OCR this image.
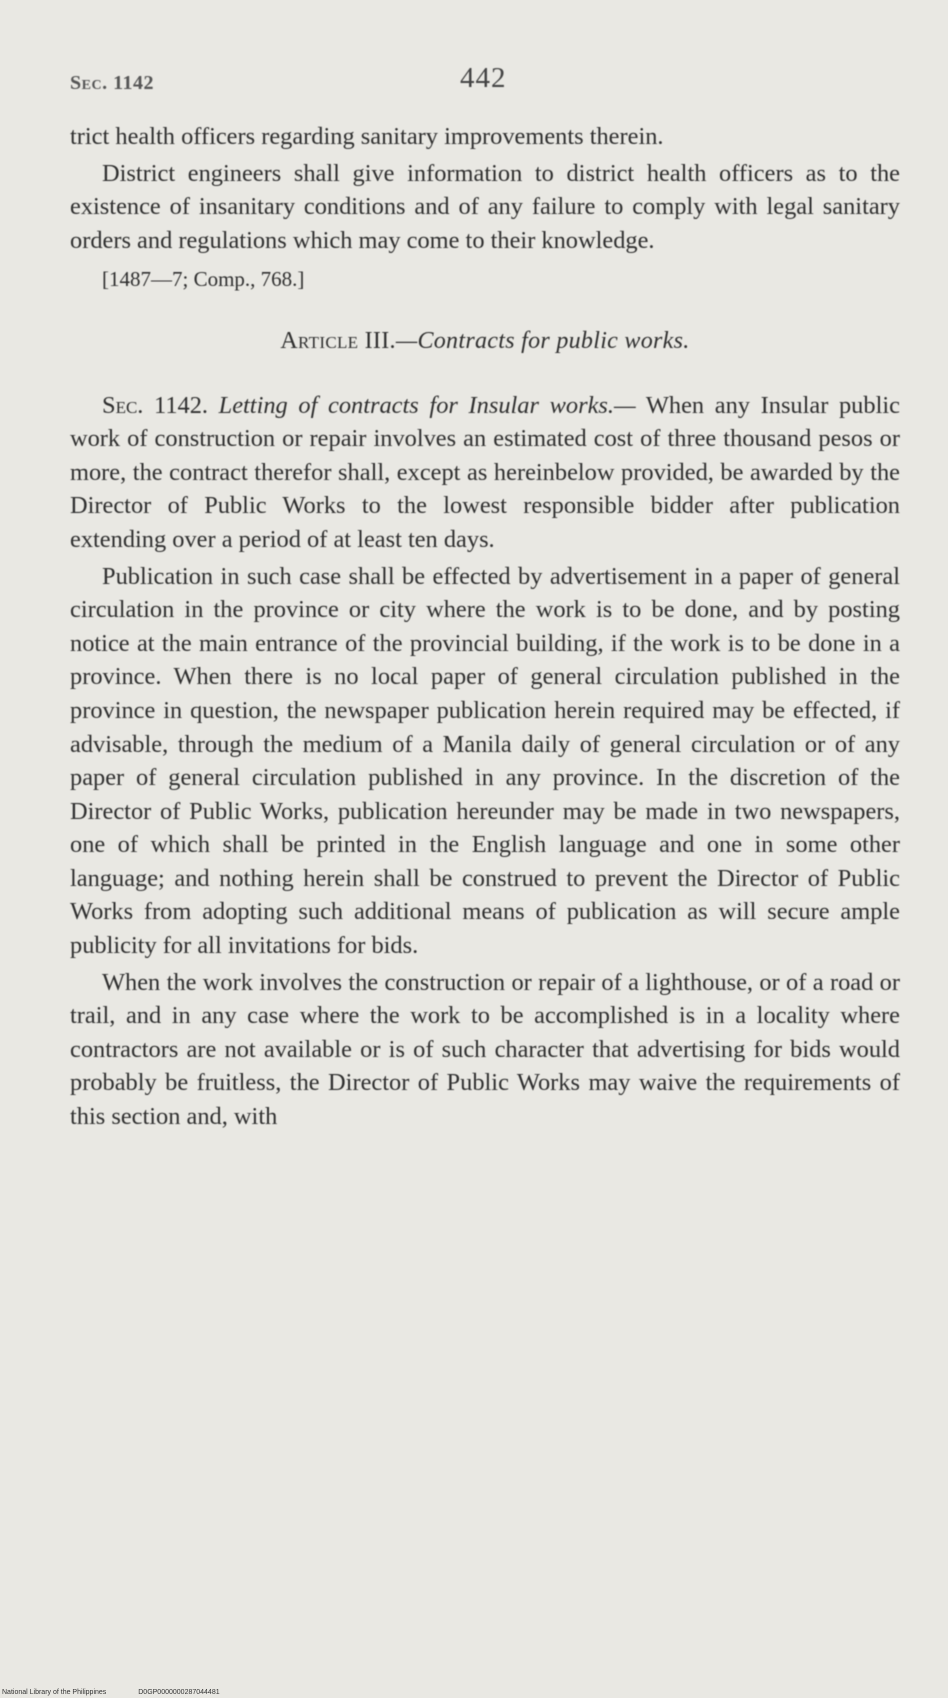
Sec. 1142	442

trict health officers regarding sanitary improvements therein.

District engineers shall give information to district health officers as to the existence of insanitary conditions and of any failure to comply with legal sanitary orders and regulations which may come to their knowledge.

[1487—7; Comp., 768.]

Article III.—Contracts for public works.

Sec. 1142. Letting of contracts for Insular works.— When any Insular public work of construction or repair involves an estimated cost of three thousand pesos or more, the contract therefor shall, except as hereinbelow provided, be awarded by the Director of Public Works to the lowest responsible bidder after publication extending over a period of at least ten days.

Publication in such case shall be effected by advertisement in a paper of general circulation in the province or city where the work is to be done, and by posting notice at the main entrance of the provincial building, if the work is to be done in a province. When there is no local paper of general circulation published in the province in question, the newspaper publication herein required may be effected, if advisable, through the medium of a Manila daily of general circulation or of any paper of general circulation published in any province. In the discretion of the Director of Public Works, publication hereunder may be made in two newspapers, one of which shall be printed in the English language and one in some other language; and nothing herein shall be construed to prevent the Director of Public Works from adopting such additional means of publication as will secure ample publicity for all invitations for bids.

When the work involves the construction or repair of a lighthouse, or of a road or trail, and in any case where the work to be accomplished is in a locality where contractors are not available or is of such character that advertising for bids would probably be fruitless, the Director of Public Works may waive the requirements of this section and, with

National Library of the Philippines	D0GP0000000287044481
